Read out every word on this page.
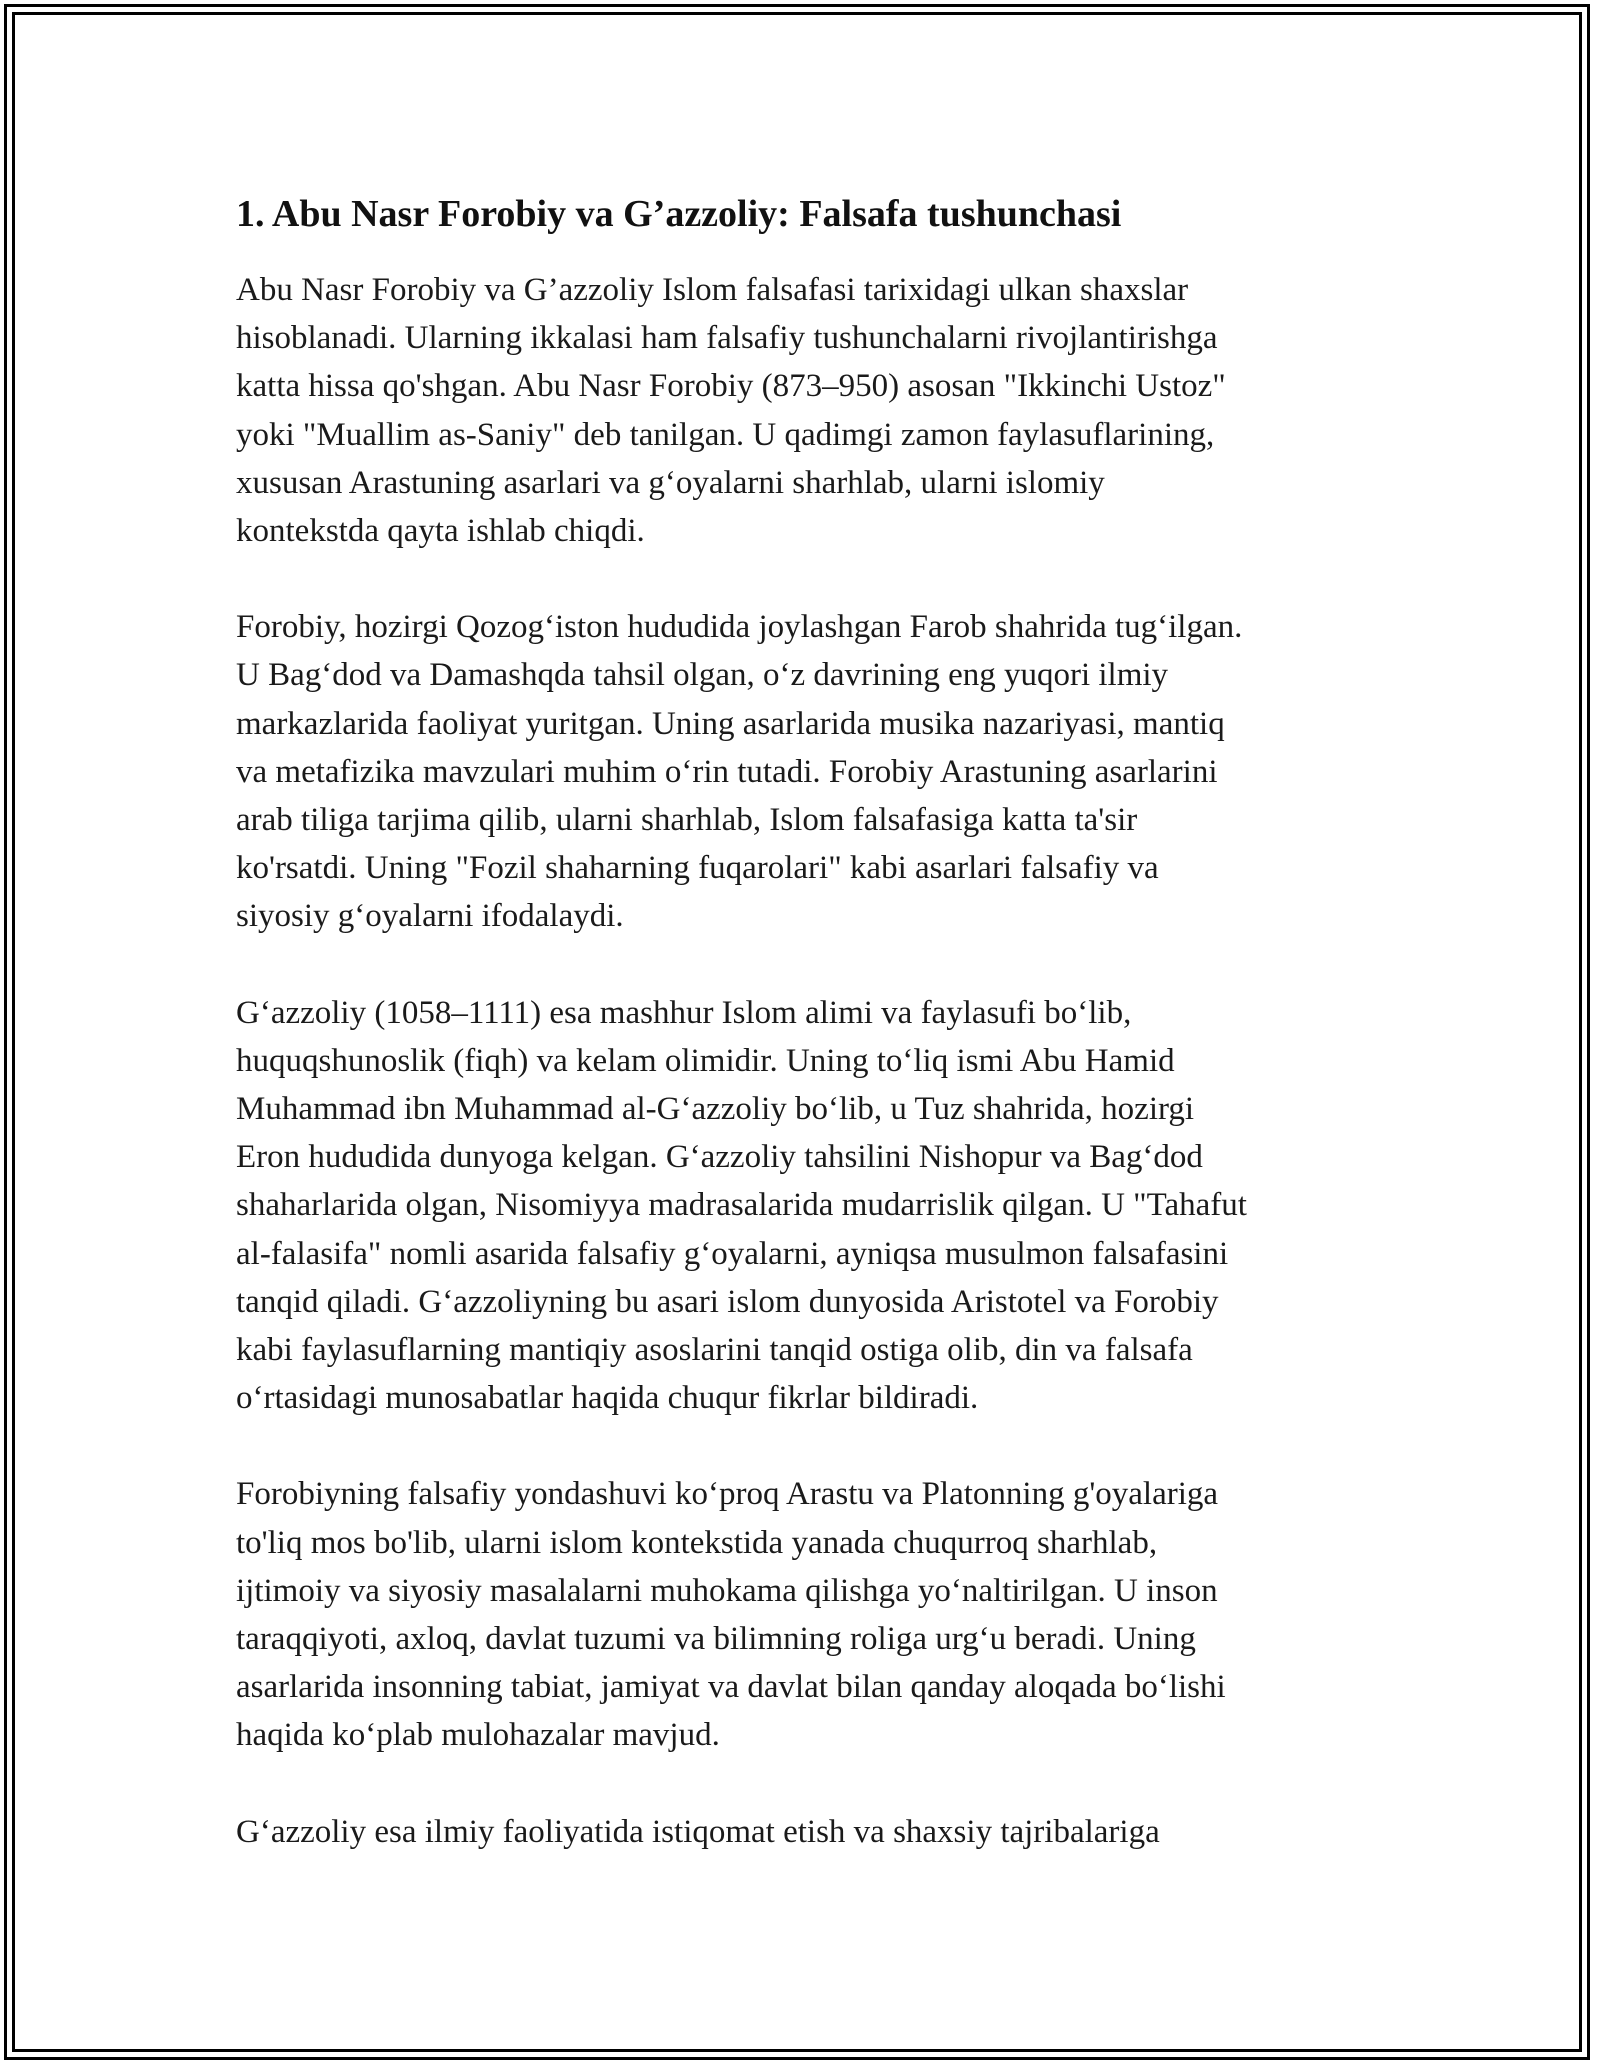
1. Abu Nasr Forobiy va G’azzoliy: Falsafa tushunchasi
Abu Nasr Forobiy va G’azzoliy Islom falsafasi tarixidagi ulkan shaxslar
hisoblanadi. Ularning ikkalasi ham falsafiy tushunchalarni rivojlantirishga
katta hissa qo'shgan. Abu Nasr Forobiy (873–950) asosan "Ikkinchi Ustoz"
yoki "Muallim as-Saniy" deb tanilgan. U qadimgi zamon faylasuflarining,
xususan Arastuning asarlari va g‘oyalarni sharhlab, ularni islomiy
kontekstda qayta ishlab chiqdi.
Forobiy, hozirgi Qozog‘iston hududida joylashgan Farob shahrida tug‘ilgan.
U Bag‘dod va Damashqda tahsil olgan, o‘z davrining eng yuqori ilmiy
markazlarida faoliyat yuritgan. Uning asarlarida musika nazariyasi, mantiq
va metafizika mavzulari muhim o‘rin tutadi. Forobiy Arastuning asarlarini
arab tiliga tarjima qilib, ularni sharhlab, Islom falsafasiga katta ta'sir
ko'rsatdi. Uning "Fozil shaharning fuqarolari" kabi asarlari falsafiy va
siyosiy g‘oyalarni ifodalaydi.
G‘azzoliy (1058–1111) esa mashhur Islom alimi va faylasufi bo‘lib,
huquqshunoslik (fiqh) va kelam olimidir. Uning to‘liq ismi Abu Hamid
Muhammad ibn Muhammad al-G‘azzoliy bo‘lib, u Tuz shahrida, hozirgi
Eron hududida dunyoga kelgan. G‘azzoliy tahsilini Nishopur va Bag‘dod
shaharlarida olgan, Nisomiyya madrasalarida mudarrislik qilgan. U "Tahafut
al-falasifa" nomli asarida falsafiy g‘oyalarni, ayniqsa musulmon falsafasini
tanqid qiladi. G‘azzoliyning bu asari islom dunyosida Aristotel va Forobiy
kabi faylasuflarning mantiqiy asoslarini tanqid ostiga olib, din va falsafa
o‘rtasidagi munosabatlar haqida chuqur fikrlar bildiradi.
Forobiyning falsafiy yondashuvi ko‘proq Arastu va Platonning g'oyalariga
to'liq mos bo'lib, ularni islom kontekstida yanada chuqurroq sharhlab,
ijtimoiy va siyosiy masalalarni muhokama qilishga yo‘naltirilgan. U inson
taraqqiyoti, axloq, davlat tuzumi va bilimning roliga urg‘u beradi. Uning
asarlarida insonning tabiat, jamiyat va davlat bilan qanday aloqada bo‘lishi
haqida ko‘plab mulohazalar mavjud.
G‘azzoliy esa ilmiy faoliyatida istiqomat etish va shaxsiy tajribalariga
